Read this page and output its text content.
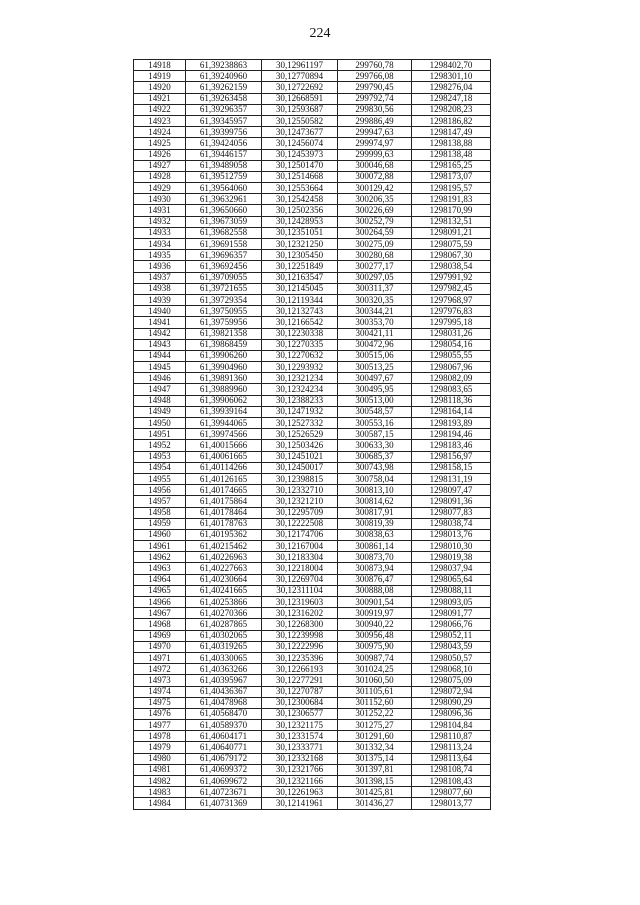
224
14918	61,39238863	30,12961197	299760,78	1298402,70
14919	61,39240960	30,12770894	299766,08	1298301,10
14920	61,39262159	30,12722692	299790,45	1298276,04
14921	61,39263458	30,12668591	299792,74	1298247,18
14922	61,39296357	30,12593687	299830,56	1298208,23
14923	61,39345957	30,12550582	299886,49	1298186,82
14924	61,39399756	30,12473677	299947,63	1298147,49
14925	61,39424056	30,12456074	299974,97	1298138,88
14926	61,39446157	30,12453973	299999,63	1298138,48
14927	61,39489058	30,12501470	300046,68	1298165,25
14928	61,39512759	30,12514668	300072,88	1298173,07
14929	61,39564060	30,12553664	300129,42	1298195,57
14930	61,39632961	30,12542458	300206,35	1298191,83
14931	61,39650660	30,12502356	300226,69	1298170,99
14932	61,39673059	30,12428953	300252,79	1298132,51
14933	61,39682558	30,12351051	300264,59	1298091,21
14934	61,39691558	30,12321250	300275,09	1298075,59
14935	61,39696357	30,12305450	300280,68	1298067,30
14936	61,39692456	30,12251849	300277,17	1298038,54
14937	61,39709055	30,12163547	300297,05	1297991,92
14938	61,39721655	30,12145045	300311,37	1297982,45
14939	61,39729354	30,12119344	300320,35	1297968,97
14940	61,39750955	30,12132743	300344,21	1297976,83
14941	61,39759956	30,12166542	300353,70	1297995,18
14942	61,39821358	30,12230338	300421,11	1298031,26
14943	61,39868459	30,12270335	300472,96	1298054,16
14944	61,39906260	30,12270632	300515,06	1298055,55
14945	61,39904960	30,12293932	300513,25	1298067,96
14946	61,39891360	30,12321234	300497,67	1298082,09
14947	61,39889960	30,12324234	300495,95	1298083,65
14948	61,39906062	30,12388233	300513,00	1298118,36
14949	61,39939164	30,12471932	300548,57	1298164,14
14950	61,39944065	30,12527332	300553,16	1298193,89
14951	61,39974566	30,12526529	300587,15	1298194,46
14952	61,40015666	30,12503426	300633,30	1298183,46
14953	61,40061665	30,12451021	300685,37	1298156,97
14954	61,40114266	30,12450017	300743,98	1298158,15
14955	61,40126165	30,12398815	300758,04	1298131,19
14956	61,40174665	30,12332710	300813,10	1298097,47
14957	61,40175864	30,12321210	300814,62	1298091,36
14958	61,40178464	30,12295709	300817,91	1298077,83
14959	61,40178763	30,12222508	300819,39	1298038,74
14960	61,40195362	30,12174706	300838,63	1298013,76
14961	61,40215462	30,12167004	300861,14	1298010,30
14962	61,40226963	30,12183304	300873,70	1298019,38
14963	61,40227663	30,12218004	300873,94	1298037,94
14964	61,40230664	30,12269704	300876,47	1298065,64
14965	61,40241665	30,12311104	300888,08	1298088,11
14966	61,40253866	30,12319603	300901,54	1298093,05
14967	61,40270366	30,12316202	300919,97	1298091,77
14968	61,40287865	30,12268300	300940,22	1298066,76
14969	61,40302065	30,12239998	300956,48	1298052,11
14970	61,40319265	30,12222996	300975,90	1298043,59
14971	61,40330065	30,12235396	300987,74	1298050,57
14972	61,40363266	30,12266193	301024,25	1298068,10
14973	61,40395967	30,12277291	301060,50	1298075,09
14974	61,40436367	30,12270787	301105,61	1298072,94
14975	61,40478968	30,12300684	301152,60	1298090,29
14976	61,40568470	30,12306577	301252,22	1298096,36
14977	61,40589370	30,12321175	301275,27	1298104,84
14978	61,40604171	30,12331574	301291,60	1298110,87
14979	61,40640771	30,12333771	301332,34	1298113,24
14980	61,40679172	30,12332168	301375,14	1298113,64
14981	61,40699372	30,12321766	301397,81	1298108,74
14982	61,40699672	30,12321166	301398,15	1298108,43
14983	61,40723671	30,12261963	301425,81	1298077,60
14984	61,40731369	30,12141961	301436,27	1298013,77
